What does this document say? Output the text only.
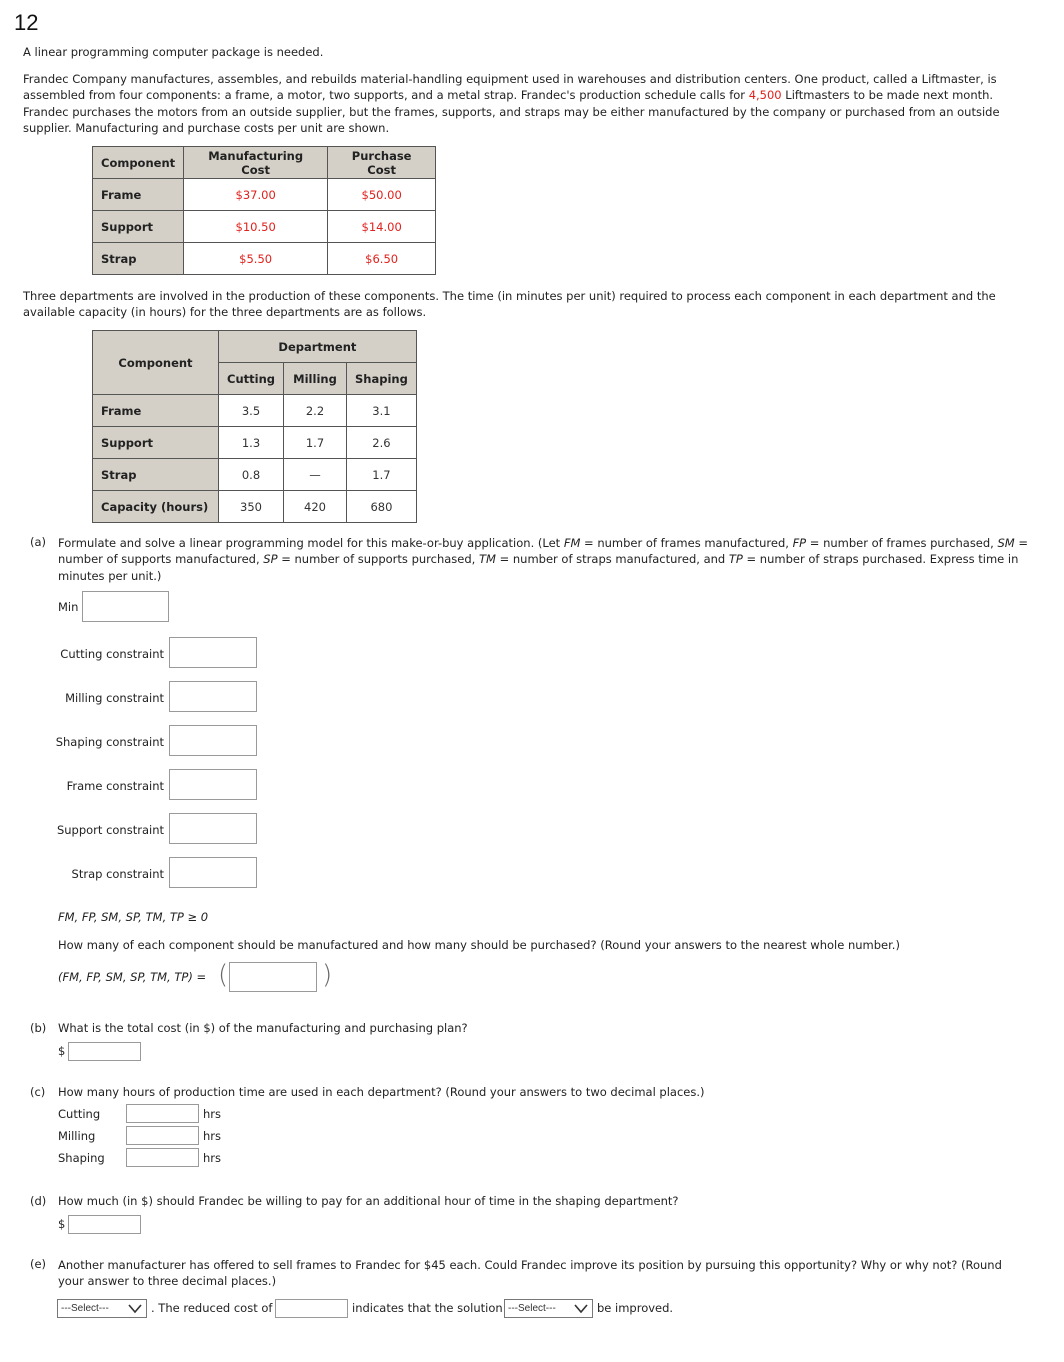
12
A linear programming computer package is needed.
Frandec Company manufactures, assembles, and rebuilds material-handling equipment used in warehouses and distribution centers. One product, called a Liftmaster, is assembled from four components: a frame, a motor, two supports, and a metal strap. Frandec's production schedule calls for 4,500 Liftmasters to be made next month. Frandec purchases the motors from an outside supplier, but the frames, supports, and straps may be either manufactured by the company or purchased from an outside supplier. Manufacturing and purchase costs per unit are shown.
Component	Manufacturing Cost	Purchase Cost
Frame	$37.00	$50.00
Support	$10.50	$14.00
Strap	$5.50	$6.50
Three departments are involved in the production of these components. The time (in minutes per unit) required to process each component in each department and the available capacity (in hours) for the three departments are as follows.
Component	Department		
	Cutting	Milling	Shaping
Frame	3.5	2.2	3.1
Support	1.3	1.7	2.6
Strap	0.8	—	1.7
Capacity (hours)	350	420	680
(a) Formulate and solve a linear programming model for this make-or-buy application. (Let FM = number of frames manufactured, FP = number of frames purchased, SM = number of supports manufactured, SP = number of supports purchased, TM = number of straps manufactured, and TP = number of straps purchased. Express time in minutes per unit.)
Min
Cutting constraint
Milling constraint
Shaping constraint
Frame constraint
Support constraint
Strap constraint
FM, FP, SM, SP, TM, TP ≥ 0
How many of each component should be manufactured and how many should be purchased? (Round your answers to the nearest whole number.)
(FM, FP, SM, SP, TM, TP) = (	)
(b) What is the total cost (in $) of the manufacturing and purchasing plan?
$
(c) How many hours of production time are used in each department? (Round your answers to two decimal places.)
Cutting	hrs
Milling	hrs
Shaping	hrs
(d) How much (in $) should Frandec be willing to pay for an additional hour of time in the shaping department?
$
(e) Another manufacturer has offered to sell frames to Frandec for $45 each. Could Frandec improve its position by pursuing this opportunity? Why or why not? (Round your answer to three decimal places.)
---Select---	. The reduced cost of	indicates that the solution ---Select---	be improved.
